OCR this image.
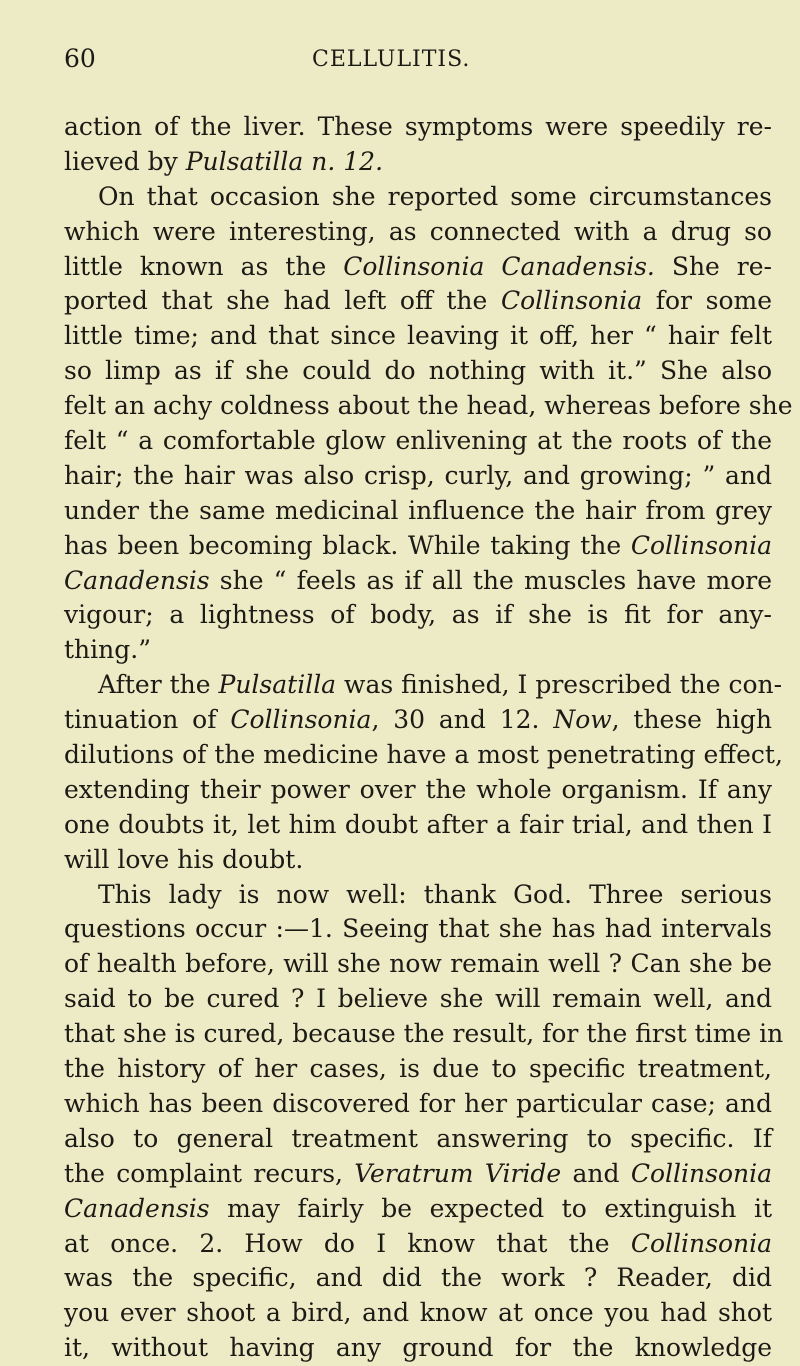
60	CELLULITIS.
action of the liver. These symptoms were speedily re-
lieved by Pulsatilla n. 12.
On that occasion she reported some circumstances
which were interesting, as connected with a drug so
little known as the Collinsonia Canadensis. She re-
ported that she had left off the Collinsonia for some
little time; and that since leaving it off, her “ hair felt
so limp as if she could do nothing with it.” She also
felt an achy coldness about the head, whereas before she
felt “ a comfortable glow enlivening at the roots of the
hair; the hair was also crisp, curly, and growing; ” and
under the same medicinal influence the hair from grey
has been becoming black. While taking the Collinsonia
Canadensis she “ feels as if all the muscles have more
vigour; a lightness of body, as if she is fit for any-
thing.”
After the Pulsatilla was finished, I prescribed the con-
tinuation of Collinsonia, 30 and 12. Now, these high
dilutions of the medicine have a most penetrating effect,
extending their power over the whole organism. If any
one doubts it, let him doubt after a fair trial, and then I
will love his doubt.
This lady is now well: thank God. Three serious
questions occur :—1. Seeing that she has had intervals
of health before, will she now remain well ? Can she be
said to be cured ? I believe she will remain well, and
that she is cured, because the result, for the first time in
the history of her cases, is due to specific treatment,
which has been discovered for her particular case; and
also to general treatment answering to specific. If
the complaint recurs, Veratrum Viride and Collinsonia
Canadensis may fairly be expected to extinguish it
at once. 2. How do I know that the Collinsonia
was the specific, and did the work ? Reader, did
you ever shoot a bird, and know at once you had shot
it, without having any ground for the knowledge
